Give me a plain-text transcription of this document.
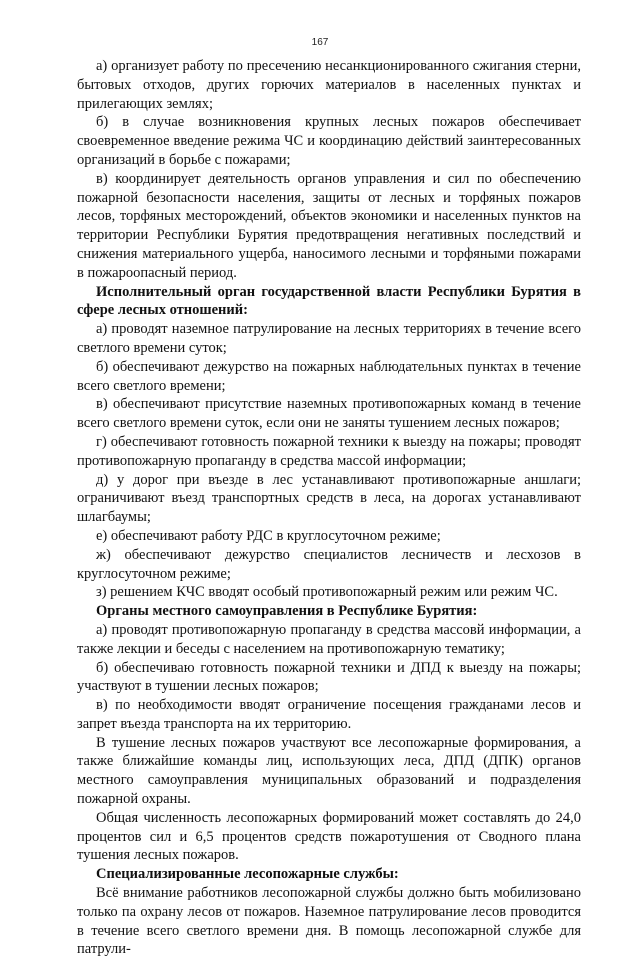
167

а) организует работу по пресечению несанкционированного сжигания стерни, бытовых отходов, других горючих материалов в населенных пунктах и прилегающих землях;

б) в случае возникновения крупных лесных пожаров обеспечивает своевременное введение режима ЧС и координацию действий заинтересованных организаций в борьбе с пожарами;

в) координирует деятельность органов управления и сил по обеспечению пожарной безопасности населения, защиты от лесных и торфяных пожаров лесов, торфяных месторождений, объектов экономики и населенных пунктов на территории Республики Бурятия предотвращения негативных последствий и снижения материального ущерба, наносимого лесными и торфяными пожарами в пожароопасный период.

Исполнительный орган государственной власти Республики Бурятия в сфере лесных отношений:

а) проводят наземное патрулирование на лесных территориях в течение всего светлого времени суток;

б) обеспечивают дежурство на пожарных наблюдательных пунктах в течение всего светлого времени;

в) обеспечивают присутствие наземных противопожарных команд в течение всего светлого времени суток, если они не заняты тушением лесных пожаров;

г) обеспечивают готовность пожарной техники к выезду на пожары; проводят противопожарную пропаганду в средства массой информации;

д) у дорог при въезде в лес устанавливают противопожарные аншлаги; ограничивают въезд транспортных средств в леса, на дорогах устанавливают шлагбаумы;

е) обеспечивают работу РДС в круглосуточном режиме;

ж) обеспечивают дежурство специалистов лесничеств и лесхозов в круглосуточном режиме;

з) решением КЧС вводят особый противопожарный режим или режим ЧС.

Органы местного самоуправления в Республике Бурятия:

а) проводят противопожарную пропаганду в средства массовй информации, а также лекции и беседы с населением на противопожарную тематику;

б) обеспечиваю готовность пожарной техники и ДПД к выезду на пожары; участвуют в тушении лесных пожаров;

в) по необходимости вводят ограничение посещения гражданами лесов и запрет въезда транспорта на их территорию.

В тушение лесных пожаров участвуют все лесопожарные формирования, а также ближайшие команды лиц, использующих леса, ДПД (ДПК) органов местного самоуправления муниципальных образований и подразделения пожарной охраны.

Общая численность лесопожарных формирований может составлять до 24,0 процентов сил и 6,5 процентов средств пожаротушения от Сводного плана тушения лесных пожаров.

Специализированные лесопожарные службы:

Всё внимание работников лесопожарной службы должно быть мобилизовано только па охрану лесов от пожаров. Наземное патрулирование лесов проводится в течение всего светлого времени дня. В помощь лесопожарной службе для патрули-
